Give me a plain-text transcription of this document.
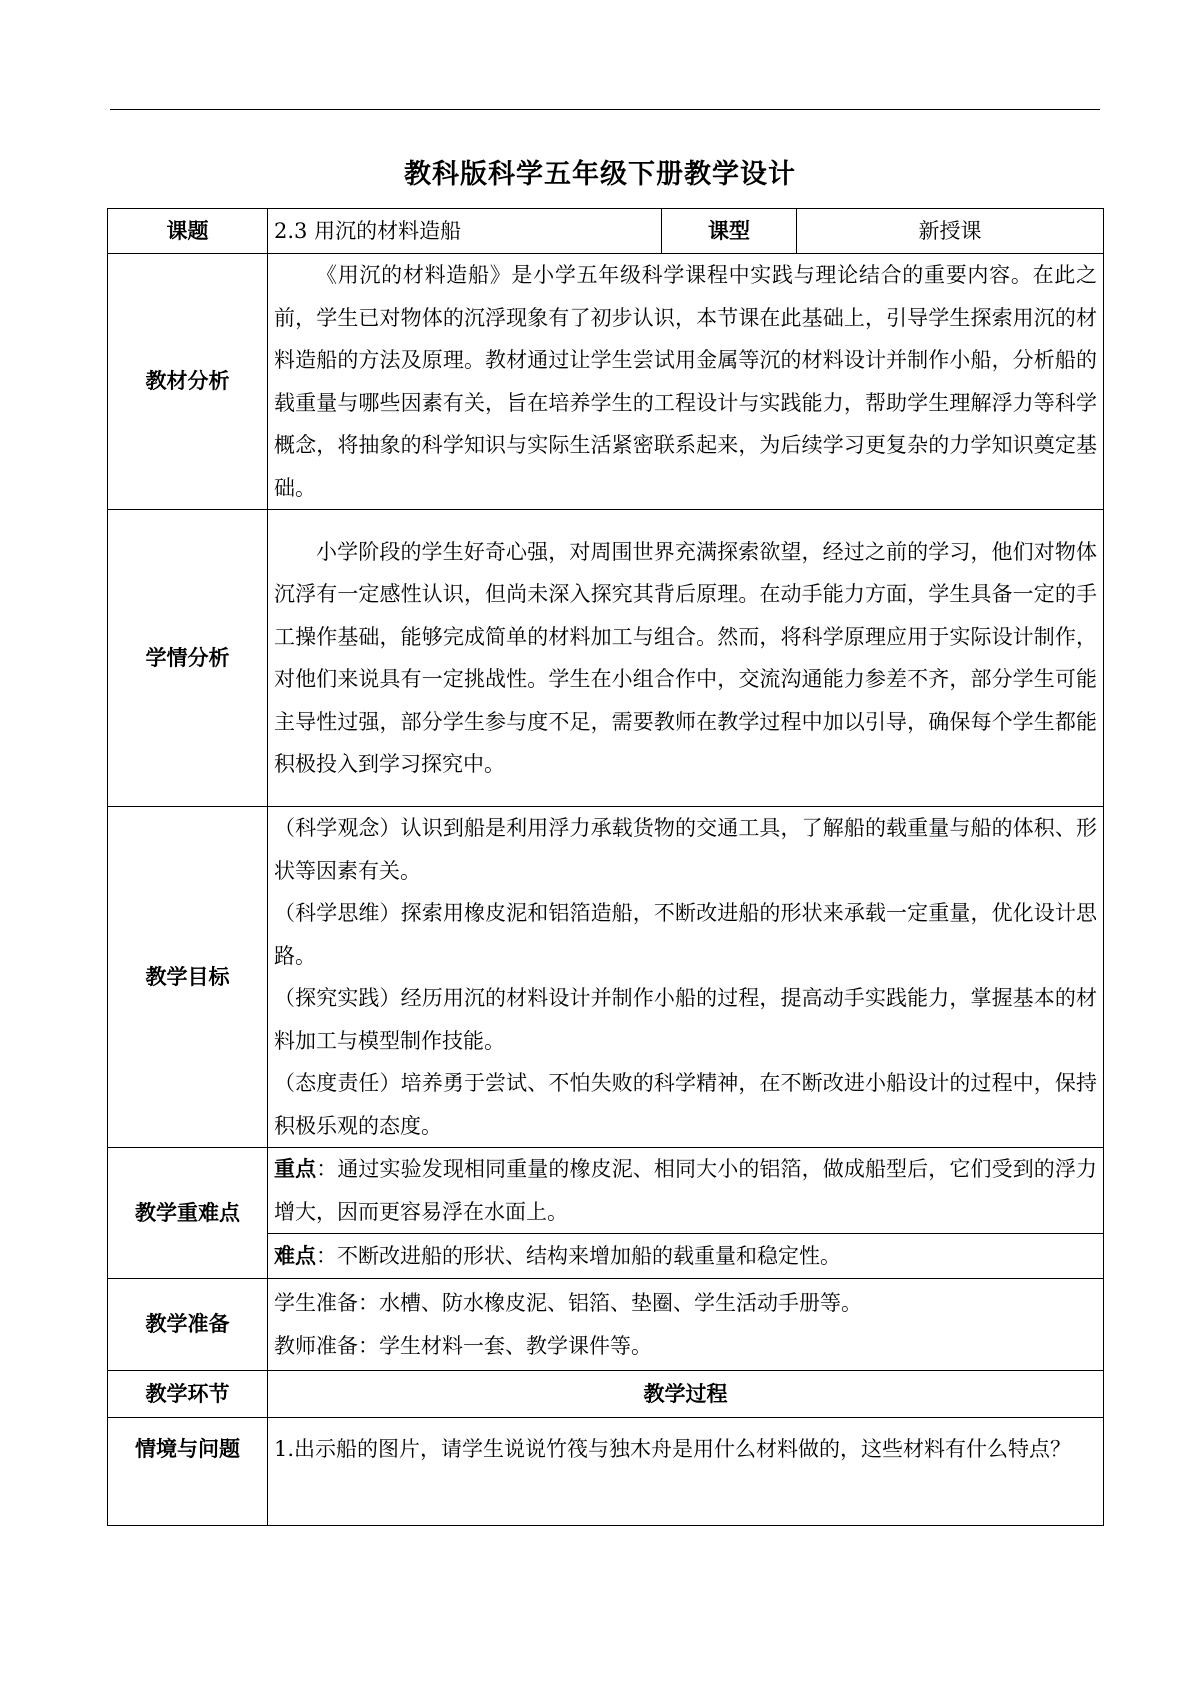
教科版科学五年级下册教学设计
课题	2.3 用沉的材料造船	课型	新授课
教材分析	《用沉的材料造船》是小学五年级科学课程中实践与理论结合的重要内容。在此之前，学生已对物体的沉浮现象有了初步认识，本节课在此基础上，引导学生探索用沉的材料造船的方法及原理。教材通过让学生尝试用金属等沉的材料设计并制作小船，分析船的载重量与哪些因素有关，旨在培养学生的工程设计与实践能力，帮助学生理解浮力等科学概念，将抽象的科学知识与实际生活紧密联系起来，为后续学习更复杂的力学知识奠定基础。		
学情分析	小学阶段的学生好奇心强，对周围世界充满探索欲望，经过之前的学习，他们对物体沉浮有一定感性认识，但尚未深入探究其背后原理。在动手能力方面，学生具备一定的手工操作基础，能够完成简单的材料加工与组合。然而，将科学原理应用于实际设计制作，对他们来说具有一定挑战性。学生在小组合作中，交流沟通能力参差不齐，部分学生可能主导性过强，部分学生参与度不足，需要教师在教学过程中加以引导，确保每个学生都能积极投入到学习探究中。		
教学目标	（科学观念）认识到船是利用浮力承载货物的交通工具，了解船的载重量与船的体积、形状等因素有关。

（科学思维）探索用橡皮泥和铝箔造船，不断改进船的形状来承载一定重量，优化设计思路。

（探究实践）经历用沉的材料设计并制作小船的过程，提高动手实践能力，掌握基本的材料加工与模型制作技能。

（态度责任）培养勇于尝试、不怕失败的科学精神，在不断改进小船设计的过程中，保持积极乐观的态度。		

教学重难点	重点：通过实验发现相同重量的橡皮泥、相同大小的铝箔，做成船型后，它们受到的浮力增大，因而更容易浮在水面上。		
	难点：不断改进船的形状、结构来增加船的载重量和稳定性。		
教学准备	学生准备：水槽、防水橡皮泥、铝箔、垫圈、学生活动手册等。

教师准备：学生材料一套、教学课件等。		

教学环节	教学过程		
情境与问题	1.出示船的图片，请学生说说竹筏与独木舟是用什么材料做的，这些材料有什么特点？		
